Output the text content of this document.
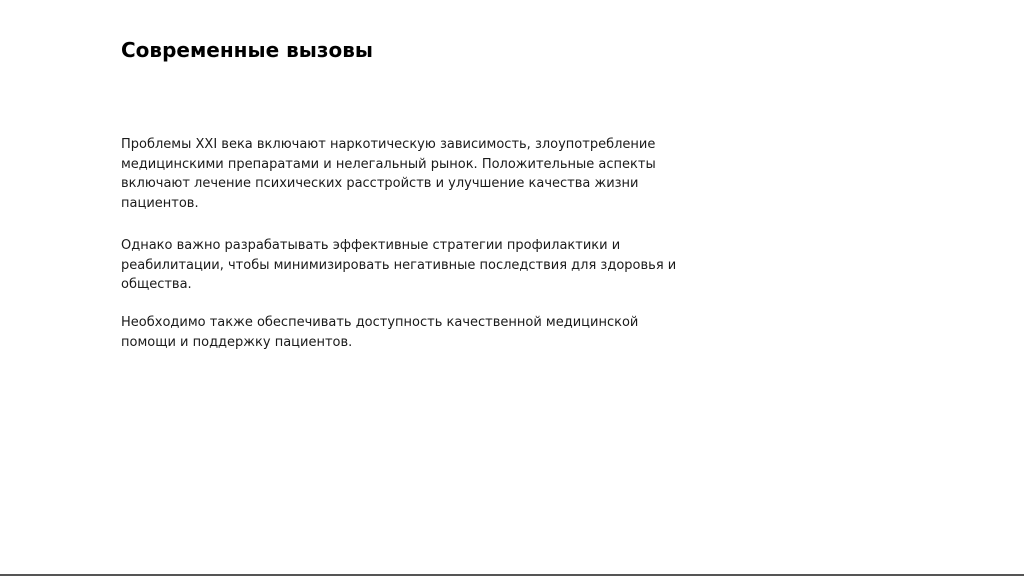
Современные вызовы

Проблемы XXI века включают наркотическую зависимость, злоупотребление медицинскими препаратами и нелегальный рынок. Положительные аспекты включают лечение психических расстройств и улучшение качества жизни пациентов.

Однако важно разрабатывать эффективные стратегии профилактики и реабилитации, чтобы минимизировать негативные последствия для здоровья и общества.

Необходимо также обеспечивать доступность качественной медицинской помощи и поддержку пациентов.
